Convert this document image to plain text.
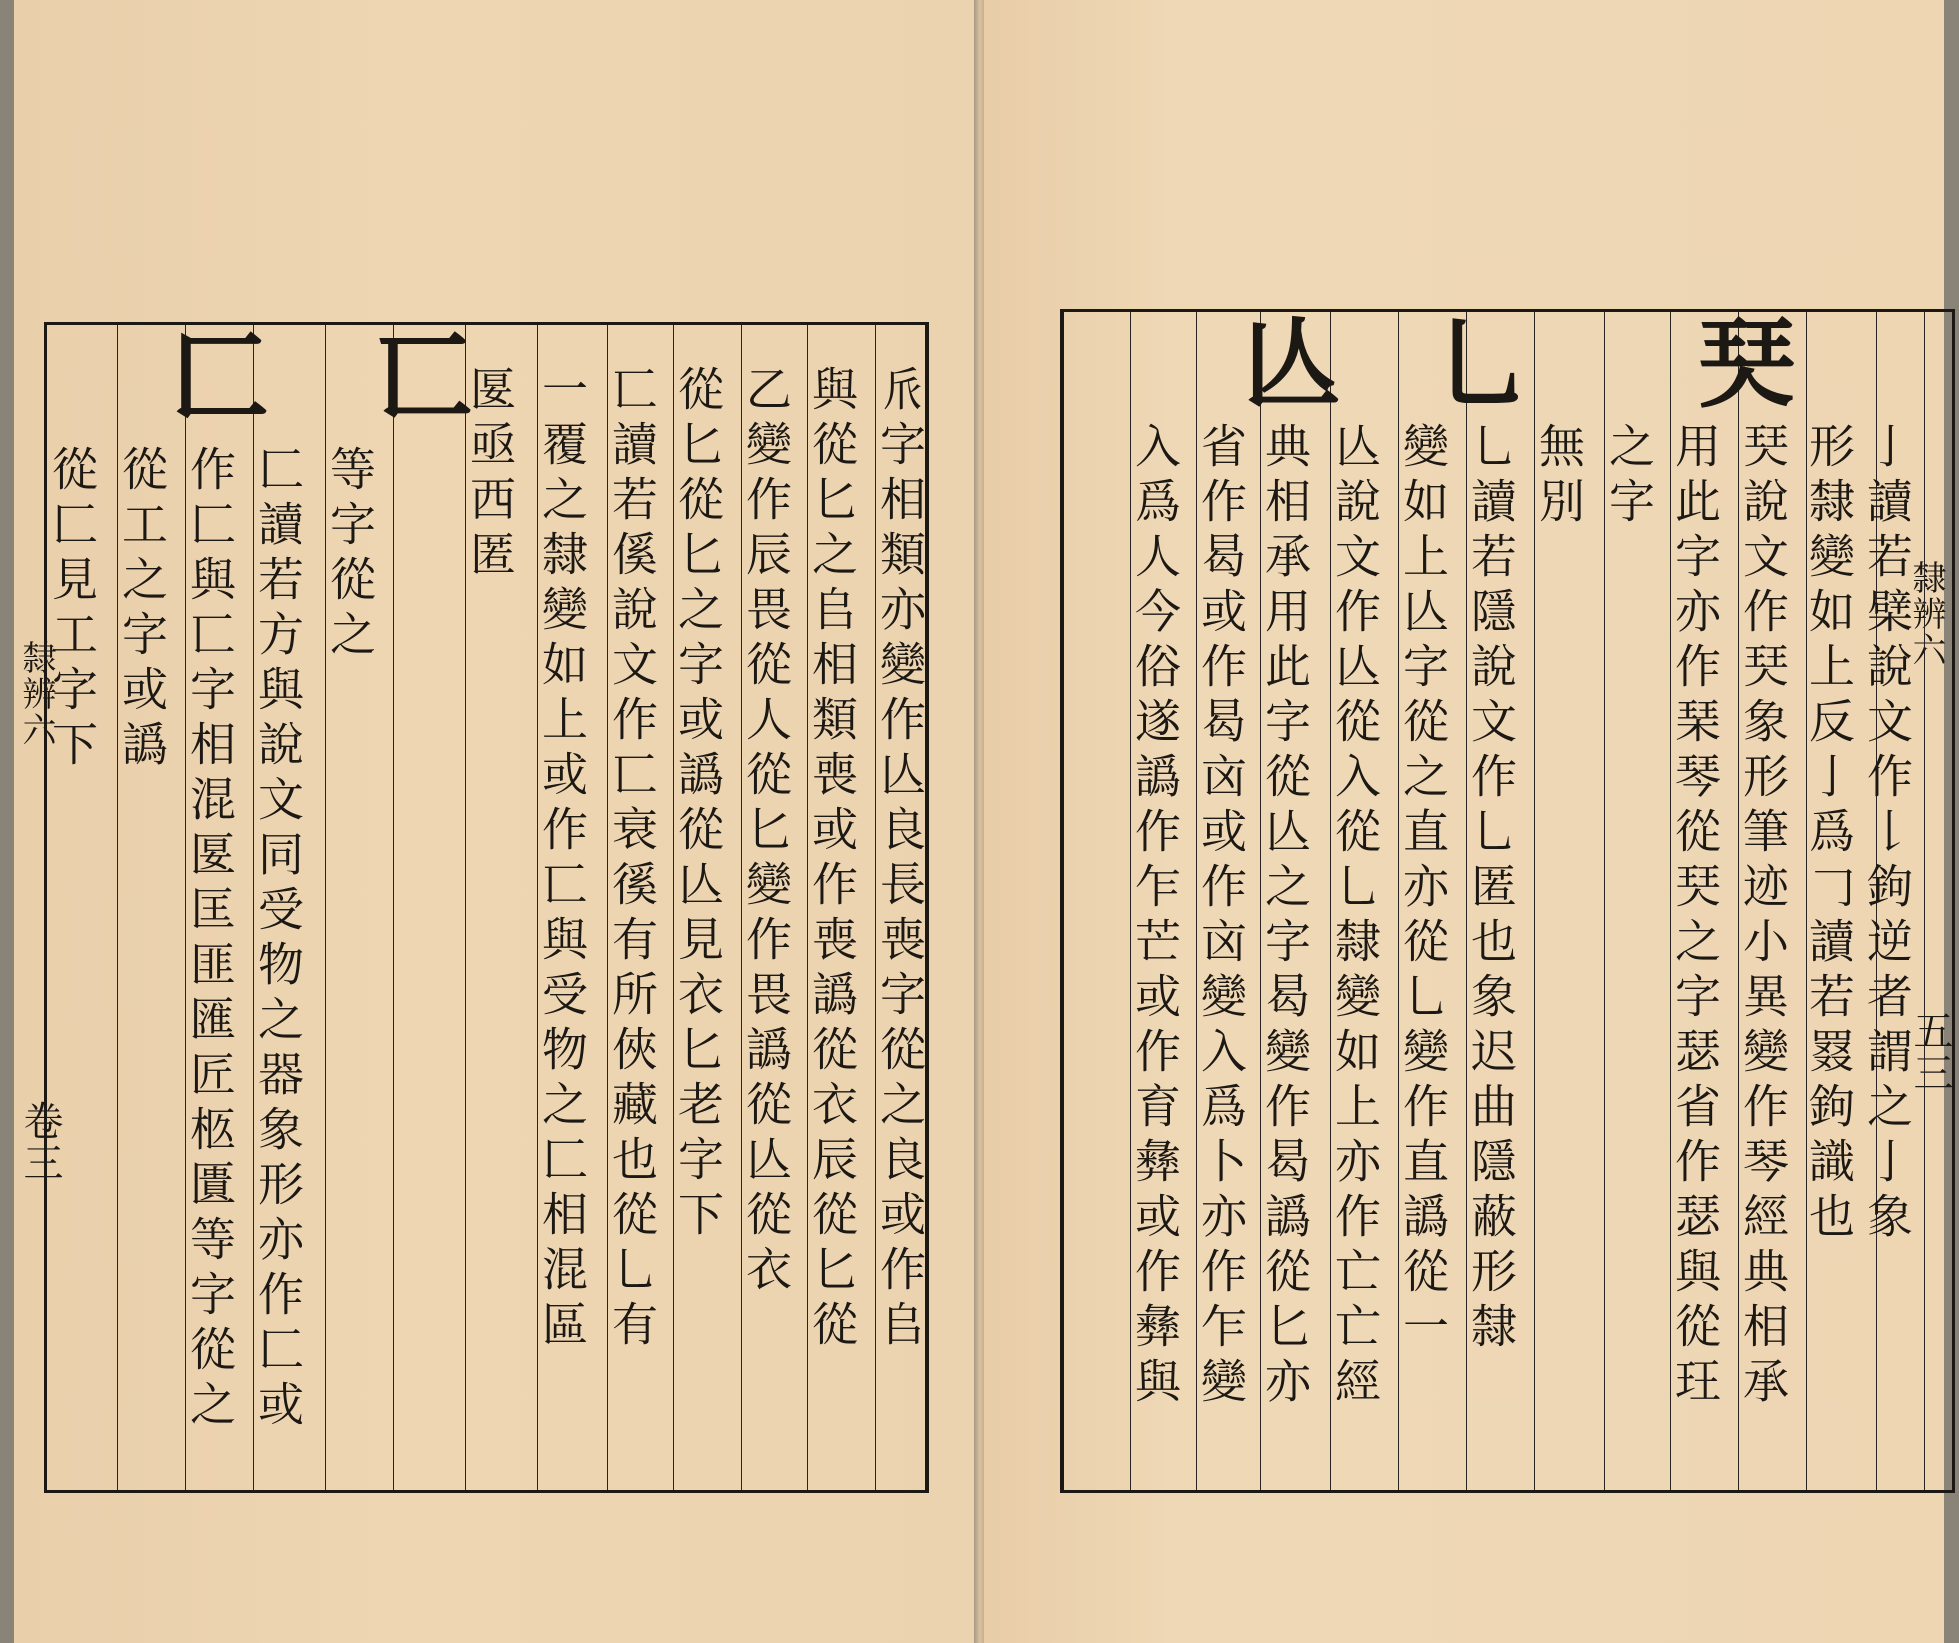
隸辨六
卷三	𠂢字相類亦變作亾良長喪字從之良或作𠂤
與從匕之𠂤相類喪或作喪譌從衣辰從匕從
乙變作辰畏從人從匕變作畏譌從亾從衣
從匕從匕之字或譌從亾見衣匕老字下
匸讀若傒說文作匸衰徯有所俠藏也從乚有
一覆之隸變如上或作匸與受物之匚相混區
匽亟西匿
匸
等字從之
匚讀若方與說文同受物之器象形亦作匚或
作匚與匸字相混匽匡匪匯匠柩匱等字從之
匚
從工之字或譌
從匚見工字下	隸辨六
五三
亅讀若檗說文作𠄌鉤逆者謂之亅象
形隸變如上反亅爲𠃌讀若罬鉤識也
珡
珡說文作珡象形筆迹小異變作琴經典相承
用此字亦作琹琴從珡之字瑟省作瑟與從玨
之字
無別
乚
乚讀若隱說文作乚匿也象迟曲隱蔽形隸
變如上亾字從之直亦從乚變作直譌從一
亾
亾說文作亾從入從乚隸變如上亦作亡亡經
典相承用此字從亾之字曷變作曷譌從匕亦
省作曷或作曷㐫或作㐫變入爲卜亦作乍變
入爲人今俗遂譌作乍芒或作育彝或作彝與
